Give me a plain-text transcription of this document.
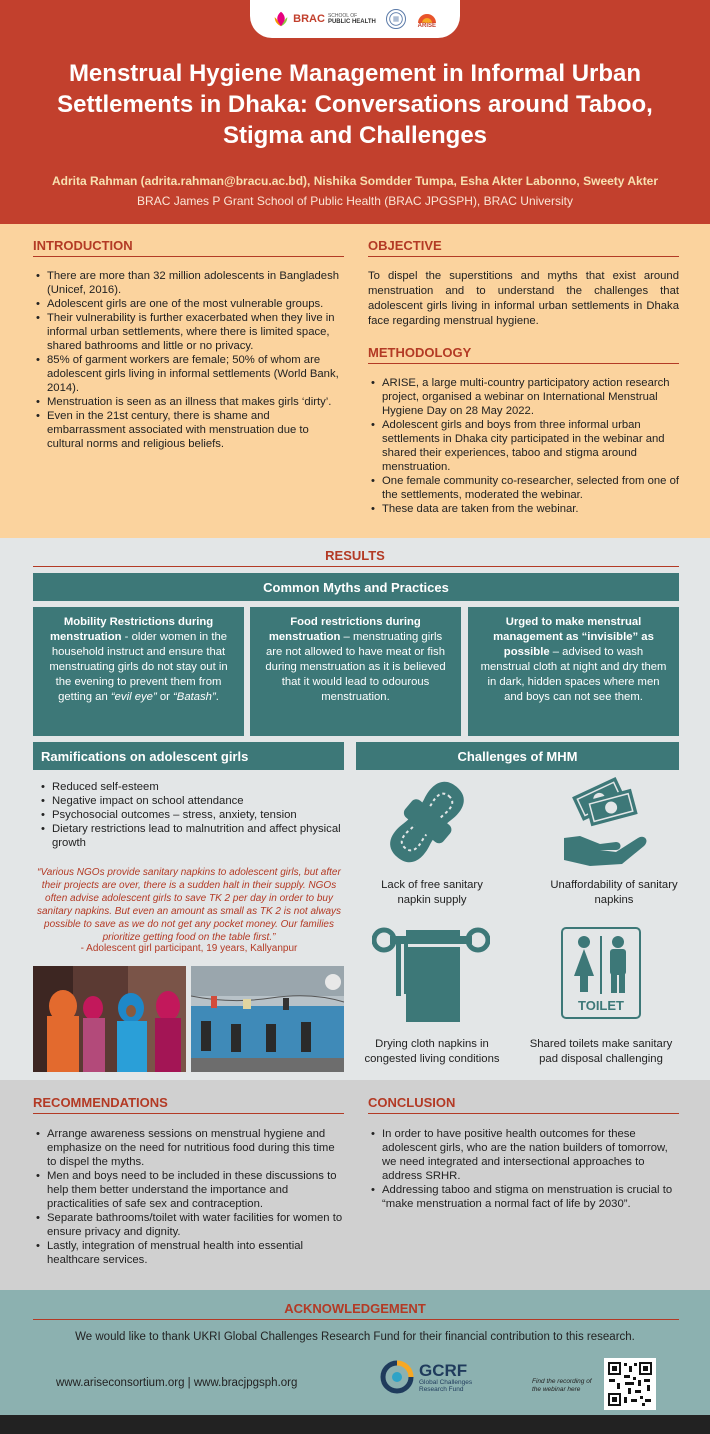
BRAC SCHOOL OF
PUBLIC HEALTH
ARISE
Menstrual Hygiene Management in Informal Urban Settlements in Dhaka: Conversations around Taboo, Stigma and Challenges
Adrita Rahman (adrita.rahman@bracu.ac.bd), Nishika Somdder Tumpa, Esha Akter Labonno, Sweety Akter
BRAC James P Grant School of Public Health (BRAC JPGSPH), BRAC University
INTRODUCTION
• There are more than 32 million adolescents in Bangladesh (Unicef, 2016).
• Adolescent girls are one of the most vulnerable groups.
• Their vulnerability is further exacerbated when they live in informal urban settlements, where there is limited space, shared bathrooms and little or no privacy.
• 85% of garment workers are female; 50% of whom are adolescent girls living in informal settlements (World Bank, 2014).
• Menstruation is seen as an illness that makes girls ‘dirty’.
• Even in the 21st century, there is shame and embarrassment associated with menstruation due to cultural norms and religious beliefs.
OBJECTIVE
To dispel the superstitions and myths that exist around menstruation and to understand the challenges that adolescent girls living in informal urban settlements in Dhaka face regarding menstrual hygiene.
METHODOLOGY
• ARISE, a large multi-country participatory action research project, organised a webinar on International Menstrual Hygiene Day on 28 May 2022.
• Adolescent girls and boys from three informal urban settlements in Dhaka city participated in the webinar and shared their experiences, taboo and stigma around menstruation.
• One female community co-researcher, selected from one of the settlements, moderated the webinar.
• These data are taken from the webinar.
RESULTS
Common Myths and Practices
Mobility Restrictions during menstruation - older women in the household instruct and ensure that menstruating girls do not stay out in the evening to prevent them from getting an “evil eye” or “Batash”.
Food restrictions during menstruation – menstruating girls are not allowed to have meat or fish during menstruation as it is believed that it would lead to odourous menstruation.
Urged to make menstrual management as “invisible” as possible – advised to wash menstrual cloth at night and dry them in dark, hidden spaces where men and boys can not see them.
Ramifications on adolescent girls	Challenges of MHM
• Reduced self-esteem
• Negative impact on school attendance
• Psychosocial outcomes – stress, anxiety, tension
• Dietary restrictions lead to malnutrition and affect physical growth
“Various NGOs provide sanitary napkins to adolescent girls, but after their projects are over, there is a sudden halt in their supply. NGOs often advise adolescent girls to save TK 2 per day in order to buy sanitary napkins. But even an amount as small as TK 2 is not always possible to save as we do not get any pocket money. Our families prioritize getting food on the table first.”
- Adolescent girl participant, 19 years, Kallyanpur
TOILET
Lack of free sanitary napkin supply
Unaffordability of sanitary napkins
Drying cloth napkins in congested living conditions
Shared toilets make sanitary pad disposal challenging
RECOMMENDATIONS
• Arrange awareness sessions on menstrual hygiene and emphasize on the need for nutritious food during this time to dispel the myths.
• Men and boys need to be included in these discussions to help them better understand the importance and practicalities of safe sex and contraception.
• Separate bathrooms/toilet with water facilities for women to ensure privacy and dignity.
• Lastly, integration of menstrual health into essential healthcare services.
CONCLUSION
• In order to have positive health outcomes for these adolescent girls, who are the nation builders of tomorrow, we need integrated and intersectional approaches to address SRHR.
• Addressing taboo and stigma on menstruation is crucial to “make menstruation a normal fact of life by 2030”.
ACKNOWLEDGEMENT
We would like to thank UKRI Global Challenges Research Fund for their financial contribution to this research.
www.ariseconsortium.org | www.bracjpgsph.org
GCRF
Global Challenges
Research Fund
Find the recording of the webinar here
